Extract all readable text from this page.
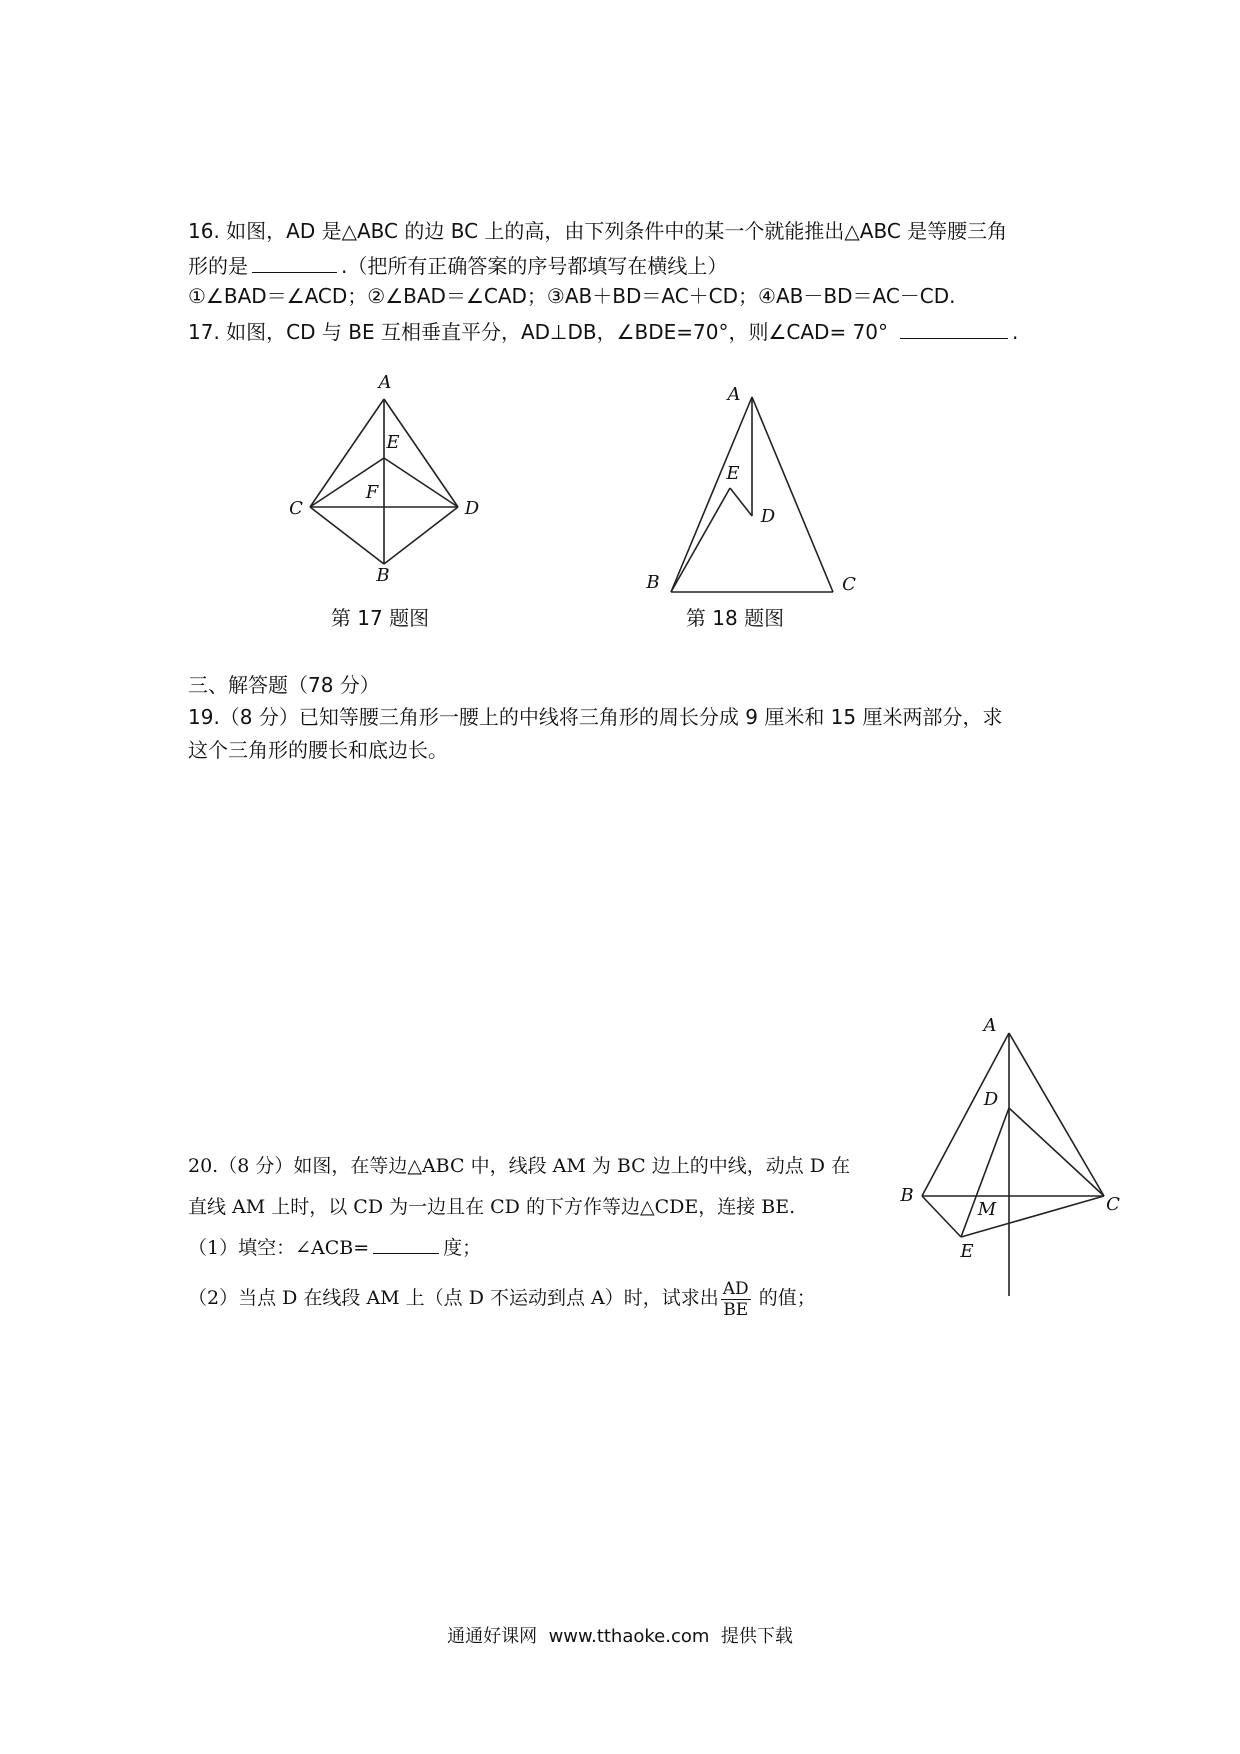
16. 如图，AD 是△ABC 的边 BC 上的高，由下列条件中的某一个就能推出△ABC 是等腰三角
形的是	.（把所有正确答案的序号都填写在横线上）
①∠BAD＝∠ACD；②∠BAD＝∠CAD；③AB＋BD＝AC＋CD；④AB－BD＝AC－CD.
17. 如图，CD 与 BE 互相垂直平分，AD⊥DB，∠BDE=70°，则∠CAD= 70°	.
A
E
F
C	D
B
第 17 题图
A
E
D
B	C
第 18 题图
三、解答题（78 分）
19.（8 分）已知等腰三角形一腰上的中线将三角形的周长分成 9 厘米和 15 厘米两部分，求
这个三角形的腰长和底边长。
A
D
B
M	C
E
20.（8 分）如图，在等边△ABC 中，线段 AM 为 BC 边上的中线，动点 D 在
直线 AM 上时，以 CD 为一边且在 CD 的下方作等边△CDE，连接 BE.
（1）填空：∠ACB=	度；
（2）当点 D 在线段 AM 上（点 D 不运动到点 A）时，试求出 $\frac{AD}{BE}$ 的值；
通通好课网  www.tthaoke.com  提供下载
